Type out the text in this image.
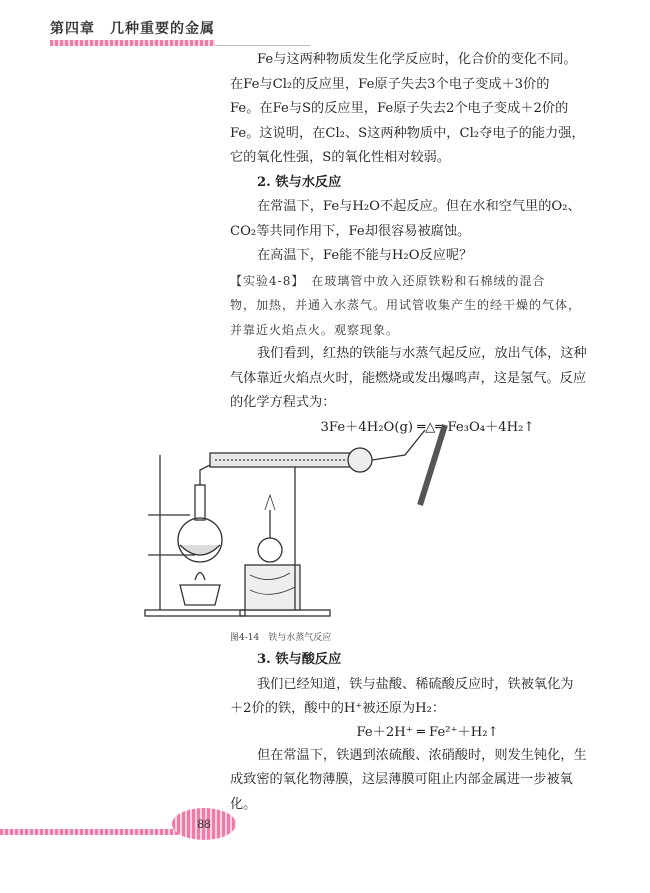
第四章　几种重要的金属
Fe与这两种物质发生化学反应时，化合价的变化不同。
在Fe与Cl₂的反应里，Fe原子失去3个电子变成＋3价的
Fe。在Fe与S的反应里，Fe原子失去2个电子变成＋2价的
Fe。这说明，在Cl₂、S这两种物质中，Cl₂夺电子的能力强，
它的氧化性强，S的氧化性相对较弱。
2. 铁与水反应
在常温下，Fe与H₂O不起反应。但在水和空气里的O₂、
CO₂等共同作用下，Fe却很容易被腐蚀。
在高温下，Fe能不能与H₂O反应呢？
【实验4-8】　在玻璃管中放入还原铁粉和石棉绒的混合
物，加热，并通入水蒸气。用试管收集产生的经干燥的气体，
并靠近火焰点火。观察现象。
我们看到，红热的铁能与水蒸气起反应，放出气体，这种
气体靠近火焰点火时，能燃烧或发出爆鸣声，这是氢气。反应
的化学方程式为：
3Fe＋4H₂O(g) ═△═ Fe₃O₄＋4H₂↑
图4-14　铁与水蒸气反应
3. 铁与酸反应
我们已经知道，铁与盐酸、稀硫酸反应时，铁被氧化为
＋2价的铁，酸中的H⁺被还原为H₂：
Fe＋2H⁺ ═ Fe²⁺＋H₂↑
但在常温下，铁遇到浓硫酸、浓硝酸时，则发生钝化，生
成致密的氧化物薄膜，这层薄膜可阻止内部金属进一步被氧
化。
88
